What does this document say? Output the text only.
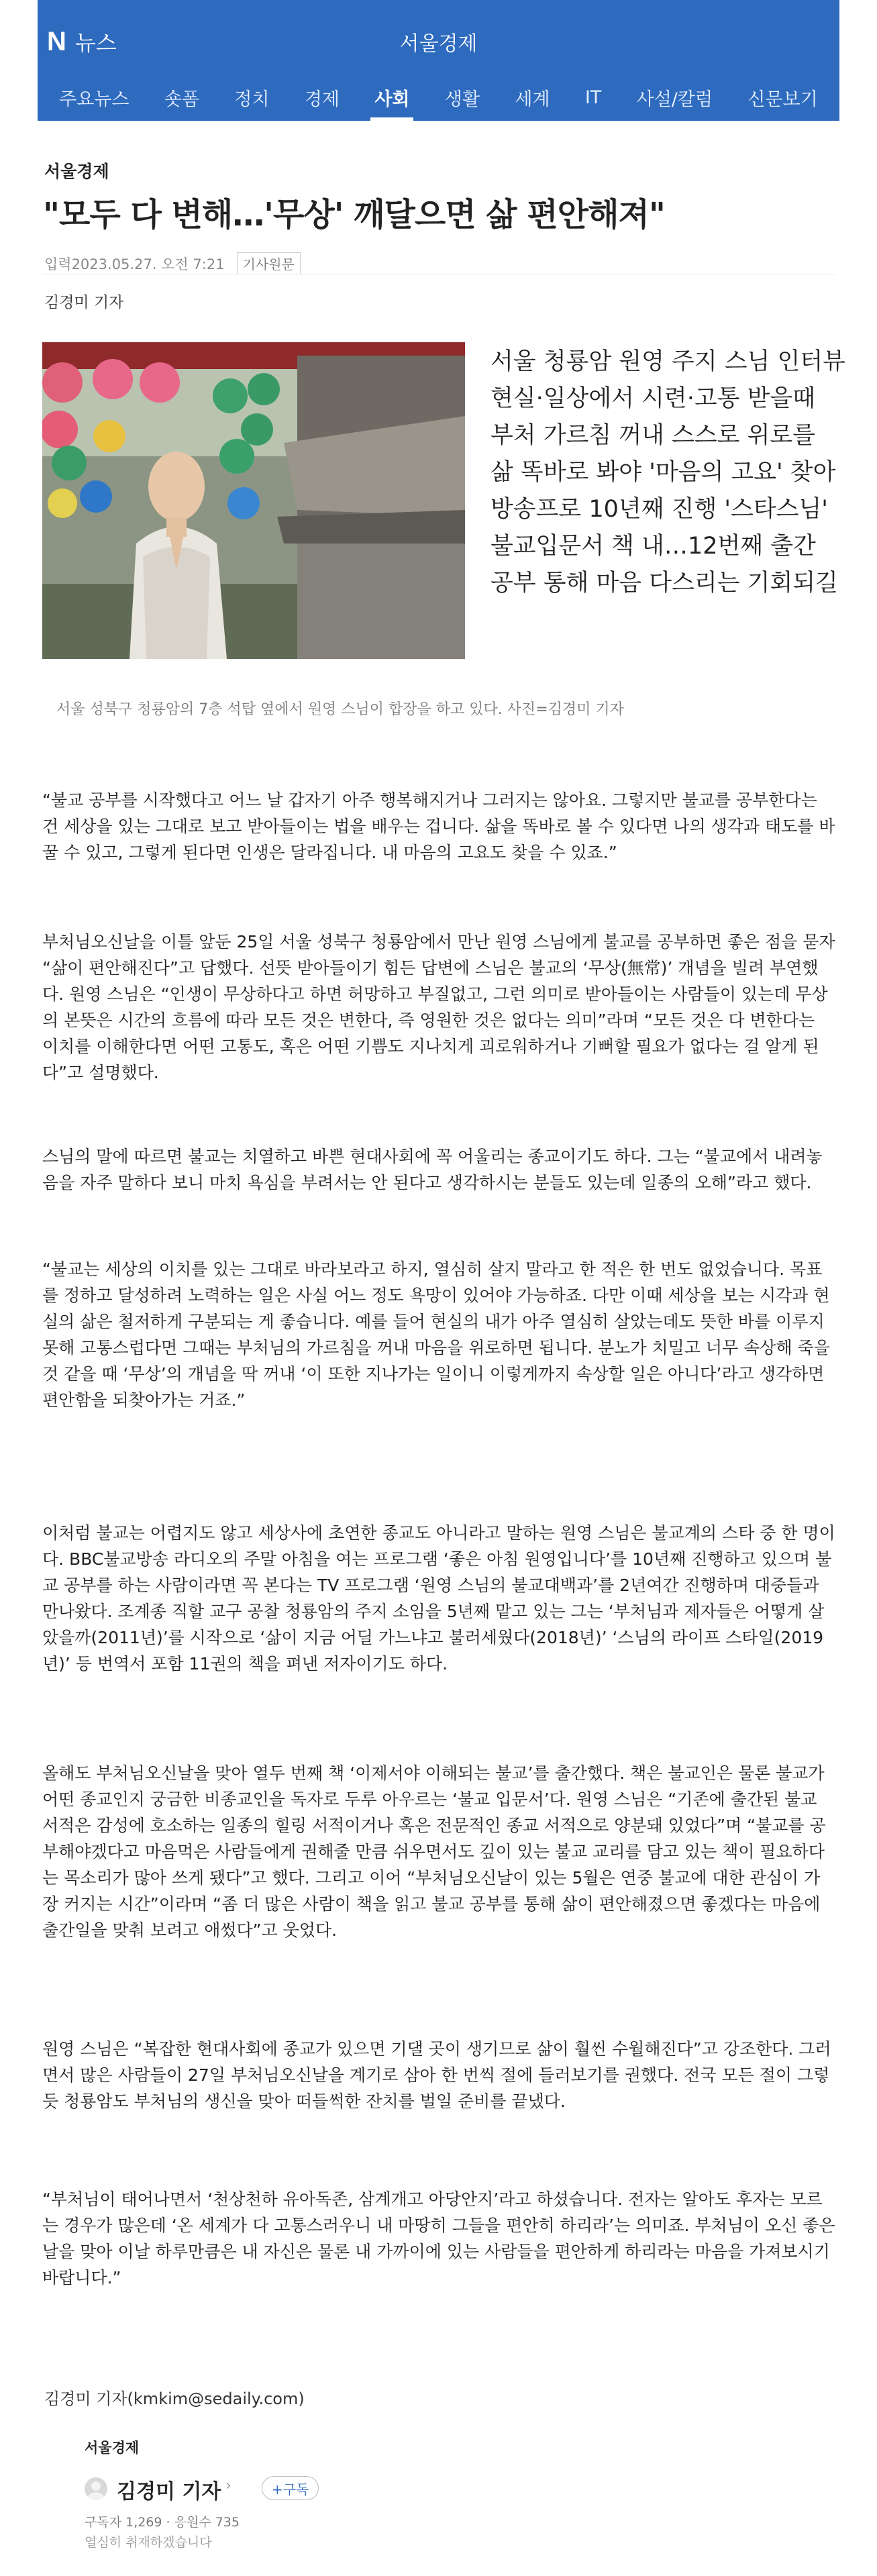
N 뉴스	서울경제
주요뉴스 숏폼 정치 경제 사회 생활 세계 IT 사설/칼럼 신문보기
서울경제
"모두 다 변해…'무상' 깨달으면 삶 편안해져"
입력2023.05.27. 오전 7:21	기사원문
김경미 기자
서울 청룡암 원영 주지 스님 인터뷰
현실·일상에서 시련·고통 받을때
부처 가르침 꺼내 스스로 위로를
삶 똑바로 봐야 '마음의 고요' 찾아
방송프로 10년째 진행 '스타스님'
불교입문서 책 내…12번째 출간
공부 통해 마음 다스리는 기회되길
서울 성북구 청룡암의 7층 석탑 옆에서 원영 스님이 합장을 하고 있다. 사진=김경미 기자

“불교 공부를 시작했다고 어느 날 갑자기 아주 행복해지거나 그러지는 않아요. 그렇지만 불교를 공부한다는 건 세상을 있는 그대로 보고 받아들이는 법을 배우는 겁니다. 삶을 똑바로 볼 수 있다면 나의 생각과 태도를 바꿀 수 있고, 그렇게 된다면 인생은 달라집니다. 내 마음의 고요도 찾을 수 있죠.”

부처님오신날을 이틀 앞둔 25일 서울 성북구 청룡암에서 만난 원영 스님에게 불교를 공부하면 좋은 점을 묻자 “삶이 편안해진다”고 답했다. 선뜻 받아들이기 힘든 답변에 스님은 불교의 ‘무상(無常)’ 개념을 빌려 부연했다. 원영 스님은 “인생이 무상하다고 하면 허망하고 부질없고, 그런 의미로 받아들이는 사람들이 있는데 무상의 본뜻은 시간의 흐름에 따라 모든 것은 변한다, 즉 영원한 것은 없다는 의미”라며 “모든 것은 다 변한다는 이치를 이해한다면 어떤 고통도, 혹은 어떤 기쁨도 지나치게 괴로워하거나 기뻐할 필요가 없다는 걸 알게 된다”고 설명했다.

스님의 말에 따르면 불교는 치열하고 바쁜 현대사회에 꼭 어울리는 종교이기도 하다. 그는 “불교에서 내려놓음을 자주 말하다 보니 마치 욕심을 부려서는 안 된다고 생각하시는 분들도 있는데 일종의 오해”라고 했다.

“불교는 세상의 이치를 있는 그대로 바라보라고 하지, 열심히 살지 말라고 한 적은 한 번도 없었습니다. 목표를 정하고 달성하려 노력하는 일은 사실 어느 정도 욕망이 있어야 가능하죠. 다만 이때 세상을 보는 시각과 현실의 삶은 철저하게 구분되는 게 좋습니다. 예를 들어 현실의 내가 아주 열심히 살았는데도 뜻한 바를 이루지 못해 고통스럽다면 그때는 부처님의 가르침을 꺼내 마음을 위로하면 됩니다. 분노가 치밀고 너무 속상해 죽을 것 같을 때 ‘무상’의 개념을 딱 꺼내 ‘이 또한 지나가는 일이니 이렇게까지 속상할 일은 아니다’라고 생각하면 편안함을 되찾아가는 거죠.”

이처럼 불교는 어렵지도 않고 세상사에 초연한 종교도 아니라고 말하는 원영 스님은 불교계의 스타 중 한 명이다. BBC불교방송 라디오의 주말 아침을 여는 프로그램 ‘좋은 아침 원영입니다’를 10년째 진행하고 있으며 불교 공부를 하는 사람이라면 꼭 본다는 TV 프로그램 ‘원영 스님의 불교대백과’를 2년여간 진행하며 대중들과 만나왔다. 조계종 직할 교구 공찰 청룡암의 주지 소임을 5년째 맡고 있는 그는 ‘부처님과 제자들은 어떻게 살았을까(2011년)’를 시작으로 ‘삶이 지금 어딜 가느냐고 불러세웠다(2018년)’ ‘스님의 라이프 스타일(2019년)’ 등 번역서 포함 11권의 책을 펴낸 저자이기도 하다.

올해도 부처님오신날을 맞아 열두 번째 책 ‘이제서야 이해되는 불교’를 출간했다. 책은 불교인은 물론 불교가 어떤 종교인지 궁금한 비종교인을 독자로 두루 아우르는 ‘불교 입문서’다. 원영 스님은 “기존에 출간된 불교 서적은 감성에 호소하는 일종의 힐링 서적이거나 혹은 전문적인 종교 서적으로 양분돼 있었다”며 “불교를 공부해야겠다고 마음먹은 사람들에게 권해줄 만큼 쉬우면서도 깊이 있는 불교 교리를 담고 있는 책이 필요하다는 목소리가 많아 쓰게 됐다”고 했다. 그리고 이어 “부처님오신날이 있는 5월은 연중 불교에 대한 관심이 가장 커지는 시간”이라며 “좀 더 많은 사람이 책을 읽고 불교 공부를 통해 삶이 편안해졌으면 좋겠다는 마음에 출간일을 맞춰 보려고 애썼다”고 웃었다.

원영 스님은 “복잡한 현대사회에 종교가 있으면 기댈 곳이 생기므로 삶이 훨씬 수월해진다”고 강조한다. 그러면서 많은 사람들이 27일 부처님오신날을 계기로 삼아 한 번씩 절에 들러보기를 권했다. 전국 모든 절이 그렇듯 청룡암도 부처님의 생신을 맞아 떠들썩한 잔치를 벌일 준비를 끝냈다.

“부처님이 태어나면서 ‘천상천하 유아독존, 삼계개고 아당안지’라고 하셨습니다. 전자는 알아도 후자는 모르는 경우가 많은데 ‘온 세계가 다 고통스러우니 내 마땅히 그들을 편안히 하리라’는 의미죠. 부처님이 오신 좋은 날을 맞아 이날 하루만큼은 내 자신은 물론 내 가까이에 있는 사람들을 편안하게 하리라는 마음을 가져보시기 바랍니다.”

김경미 기자(kmkim@sedaily.com)
서울경제
김경미 기자 ›	+구독
구독자 1,269 · 응원수 735
열심히 취재하겠습니다
